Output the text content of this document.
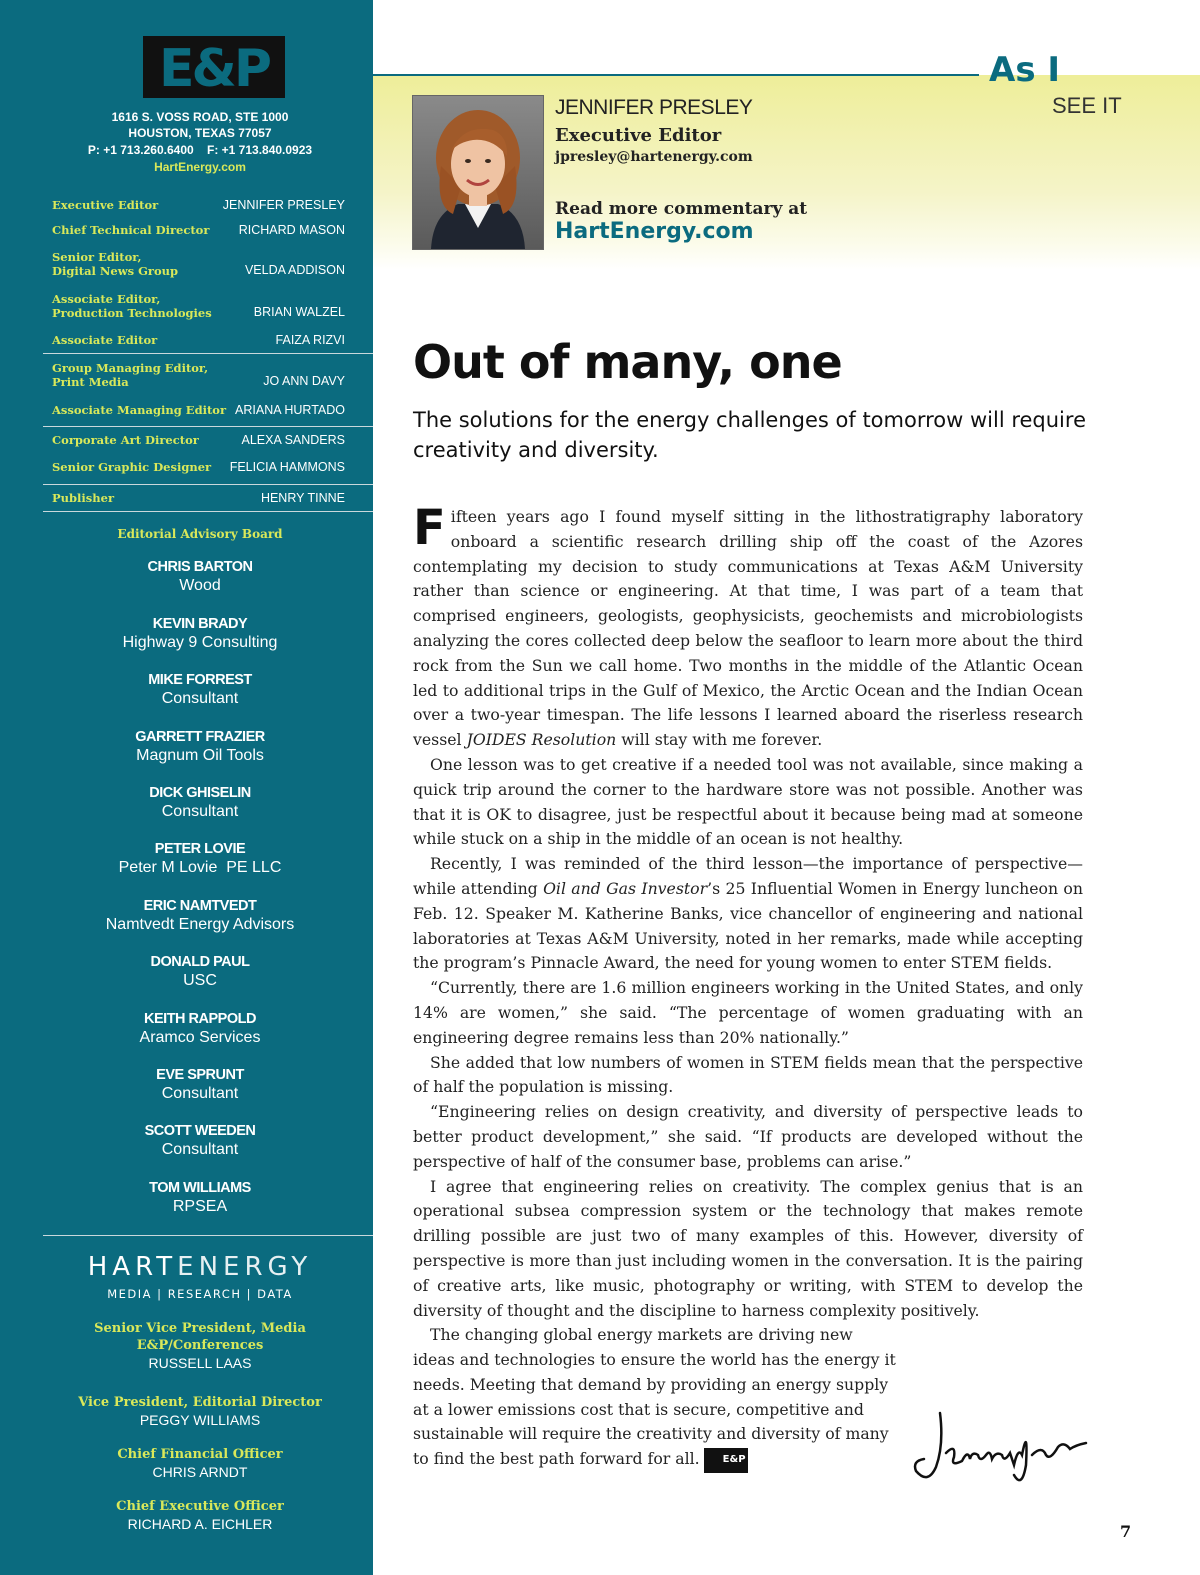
E&P
1616 S. VOSS ROAD, STE 1000
HOUSTON, TEXAS 77057
P: +1 713.260.6400    F: +1 713.840.0923
HartEnergy.com
Executive Editor	JENNIFER PRESLEY
Chief Technical Director RICHARD MASON
Senior Editor,
Digital News Group	VELDA ADDISON
Associate Editor,
Production Technologies	BRIAN WALZEL
Associate Editor	FAIZA RIZVI
Group Managing Editor,
Print Media	JO ANN DAVY
Associate Managing Editor ARIANA HURTADO
Corporate Art Director	ALEXA SANDERS
Senior Graphic Designer FELICIA HAMMONS
Publisher	HENRY TINNE
Editorial Advisory Board
CHRIS BARTON
Wood
KEVIN BRADY
Highway 9 Consulting
MIKE FORREST
Consultant
GARRETT FRAZIER
Magnum Oil Tools
DICK GHISELIN
Consultant
PETER LOVIE
Peter M Lovie  PE LLC
ERIC NAMTVEDT
Namtvedt Energy Advisors
DONALD PAUL
USC
KEITH RAPPOLD
Aramco Services
EVE SPRUNT
Consultant
SCOTT WEEDEN
Consultant
TOM WILLIAMS
RPSEA
HARTENERGY
MEDIA | RESEARCH | DATA
Senior Vice President, Media
E&P/Conferences
RUSSELL LAAS
Vice President, Editorial Director
PEGGY WILLIAMS
Chief Financial Officer
CHRIS ARNDT
Chief Executive Officer
RICHARD A. EICHLER
As I
SEE IT
JENNIFER PRESLEY
Executive Editor
jpresley@hartenergy.com
Read more commentary at
HartEnergy.com
Out of many, one
The solutions for the energy challenges of tomorrow will require creativity and diversity.

Fifteen years ago I found myself sitting in the lithostratigraphy laboratory onboard a scientific research drilling ship off the coast of the Azores contemplating my decision to study communications at Texas A&M University rather than science or engineering. At that time, I was part of a team that comprised engineers, geologists, geophysicists, geochemists and microbiologists analyzing the cores collected deep below the seafloor to learn more about the third rock from the Sun we call home. Two months in the middle of the Atlantic Ocean led to additional trips in the Gulf of Mexico, the Arctic Ocean and the Indian Ocean over a two-year timespan. The life lessons I learned aboard the riserless research vessel JOIDES Resolution will stay with me forever.

One lesson was to get creative if a needed tool was not available, since making a quick trip around the corner to the hardware store was not possible. Another was that it is OK to disagree, just be respectful about it because being mad at someone while stuck on a ship in the middle of an ocean is not healthy.

Recently, I was reminded of the third lesson—the importance of perspective—while attending Oil and Gas Investor’s 25 Influential Women in Energy luncheon on Feb. 12. Speaker M. Katherine Banks, vice chancellor of engineering and national laboratories at Texas A&M University, noted in her remarks, made while accepting the program’s Pinnacle Award, the need for young women to enter STEM fields.

“Currently, there are 1.6 million engineers working in the United States, and only 14% are women,” she said. “The percentage of women graduating with an engineering degree remains less than 20% nationally.”

She added that low numbers of women in STEM fields mean that the perspective of half the population is missing.

“Engineering relies on design creativity, and diversity of perspective leads to better product development,” she said. “If products are developed without the perspective of half of the consumer base, problems can arise.”

I agree that engineering relies on creativity. The complex genius that is an operational subsea compression system or the technology that makes remote drilling possible are just two of many examples of this. However, diversity of perspective is more than just including women in the conversation. It is the pairing of creative arts, like music, photography or writing, with STEM to develop the diversity of thought and the discipline to harness complexity positively.

The changing global energy markets are driving new ideas and technologies to ensure the world has the energy it needs. Meeting that demand by providing an energy supply at a lower emissions cost that is secure, competitive and sustainable will require the creativity and diversity of many to find the best path forward for all. E&P

7
